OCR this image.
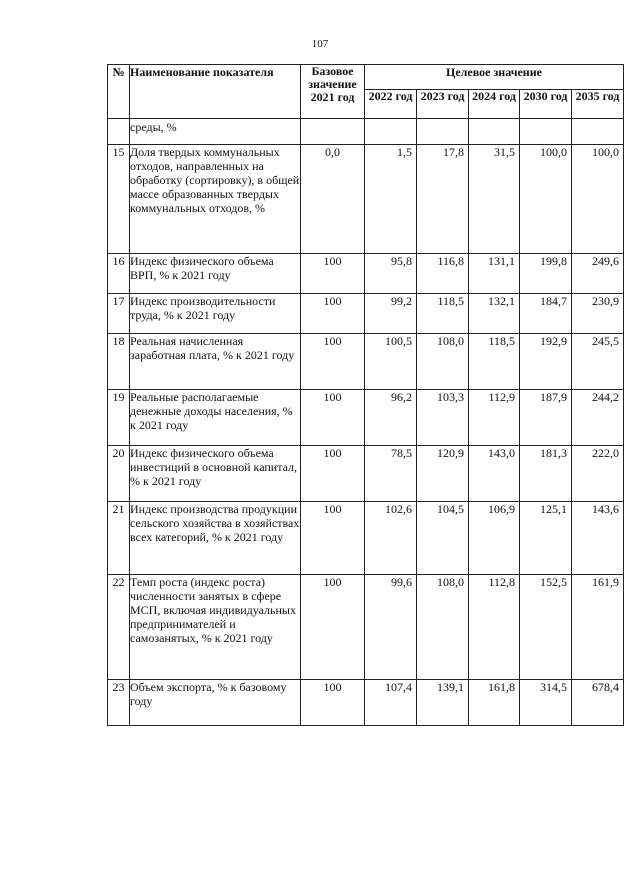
107
№	Наименование показателя	Базовое значение 2021 год	Целевое значение				
			2022 год	2023 год	2024 год	2030 год	2035 год
	среды, %						
15	Доля твердых коммунальных отходов, направленных на обработку (сортировку), в общей массе образованных твердых коммунальных отходов, %	0,0	1,5	17,8	31,5	100,0	100,0
16	Индекс физического объема ВРП, % к 2021 году	100	95,8	116,8	131,1	199,8	249,6
17	Индекс производительности труда, % к 2021 году	100	99,2	118,5	132,1	184,7	230,9
18	Реальная начисленная заработная плата, % к 2021 году	100	100,5	108,0	118,5	192,9	245,5
19	Реальные располагаемые денежные доходы населения, % к 2021 году	100	96,2	103,3	112,9	187,9	244,2
20	Индекс физического объема инвестиций в основной капитал, % к 2021 году	100	78,5	120,9	143,0	181,3	222,0
21	Индекс производства продукции сельского хозяйства в хозяйствах всех категорий, % к 2021 году	100	102,6	104,5	106,9	125,1	143,6
22	Темп роста (индекс роста) численности занятых в сфере МСП, включая индивидуальных предпринимателей и самозанятых, % к 2021 году	100	99,6	108,0	112,8	152,5	161,9
23	Объем экспорта, % к базовому году	100	107,4	139,1	161,8	314,5	678,4
